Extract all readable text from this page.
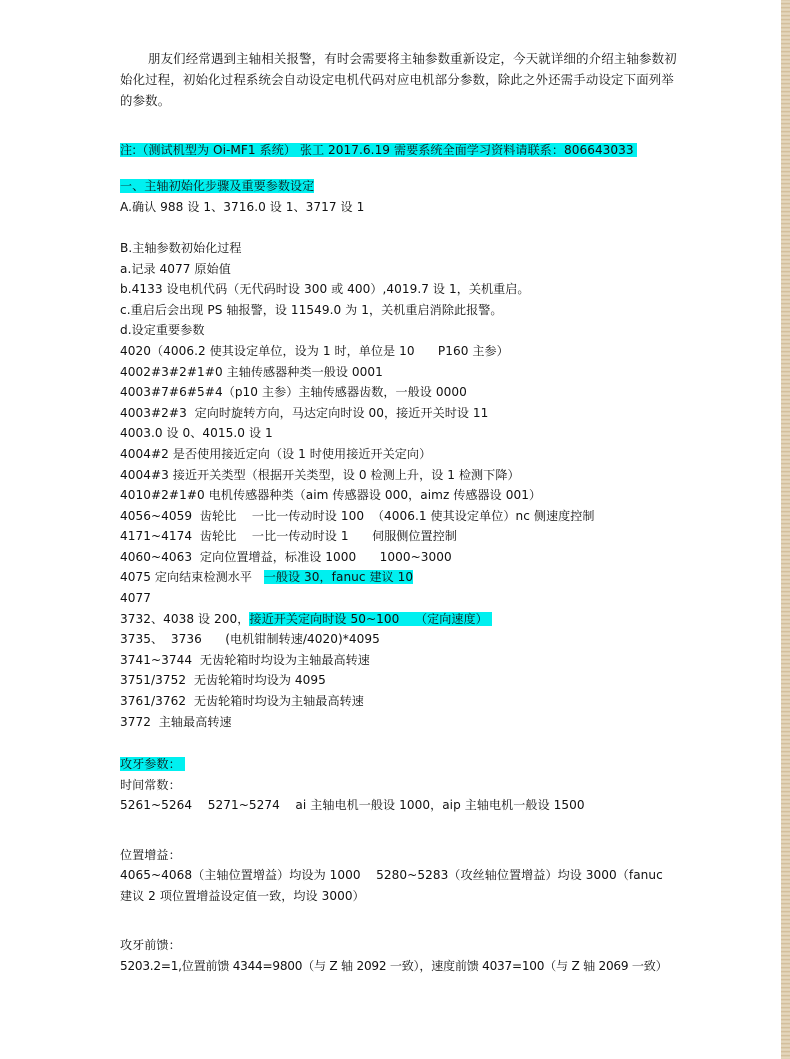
朋友们经常遇到主轴相关报警，有时会需要将主轴参数重新设定，今天就详细的介绍主轴参数初始化过程，初始化过程系统会自动设定电机代码对应电机部分参数，除此之外还需手动设定下面列举的参数。

注:（测试机型为 Oi-MF1 系统） 张工 2017.6.19 需要系统全面学习资料请联系：806643033
一、主轴初始化步骤及重要参数设定
A.确认 988 设 1、3716.0 设 1、3717 设 1
B.主轴参数初始化过程
a.记录 4077 原始值
b.4133 设电机代码（无代码时设 300 或 400）,4019.7 设 1，关机重启。
c.重启后会出现 PS 轴报警，设 11549.0 为 1，关机重启消除此报警。
d.设定重要参数
4020（4006.2 使其设定单位，设为 1 时，单位是 10      P160 主参）
4002#3#2#1#0 主轴传感器种类一般设 0001
4003#7#6#5#4（p10 主参）主轴传感器齿数，一般设 0000
4003#2#3  定向时旋转方向，马达定向时设 00，接近开关时设 11
4003.0 设 0、4015.0 设 1
4004#2 是否使用接近定向（设 1 时使用接近开关定向）
4004#3 接近开关类型（根据开关类型，设 0 检测上升，设 1 检测下降）
4010#2#1#0 电机传感器种类（aim 传感器设 000，aimz 传感器设 001）
4056~4059  齿轮比    一比一传动时设 100  （4006.1 使其设定单位）nc 侧速度控制
4171~4174  齿轮比    一比一传动时设 1      伺服侧位置控制
4060~4063  定向位置增益，标准设 1000      1000~3000
4075 定向结束检测水平   一般设 30，fanuc 建议 10
4077
3732、4038 设 200，接近开关定向时设 50~100    （定向速度）
3735、  3736      (电机钳制转速/4020)*4095
3741~3744  无齿轮箱时均设为主轴最高转速
3751/3752  无齿轮箱时均设为 4095
3761/3762  无齿轮箱时均设为主轴最高转速
3772  主轴最高转速
攻牙参数：
时间常数：
5261~5264    5271~5274    ai 主轴电机一般设 1000，aip 主轴电机一般设 1500
位置增益：
4065~4068（主轴位置增益）均设为 1000    5280~5283（攻丝轴位置增益）均设 3000（fanuc
建议 2 项位置增益设定值一致，均设 3000）
攻牙前馈：
5203.2=1,位置前馈 4344=9800（与 Z 轴 2092 一致），速度前馈 4037=100（与 Z 轴 2069 一致）
